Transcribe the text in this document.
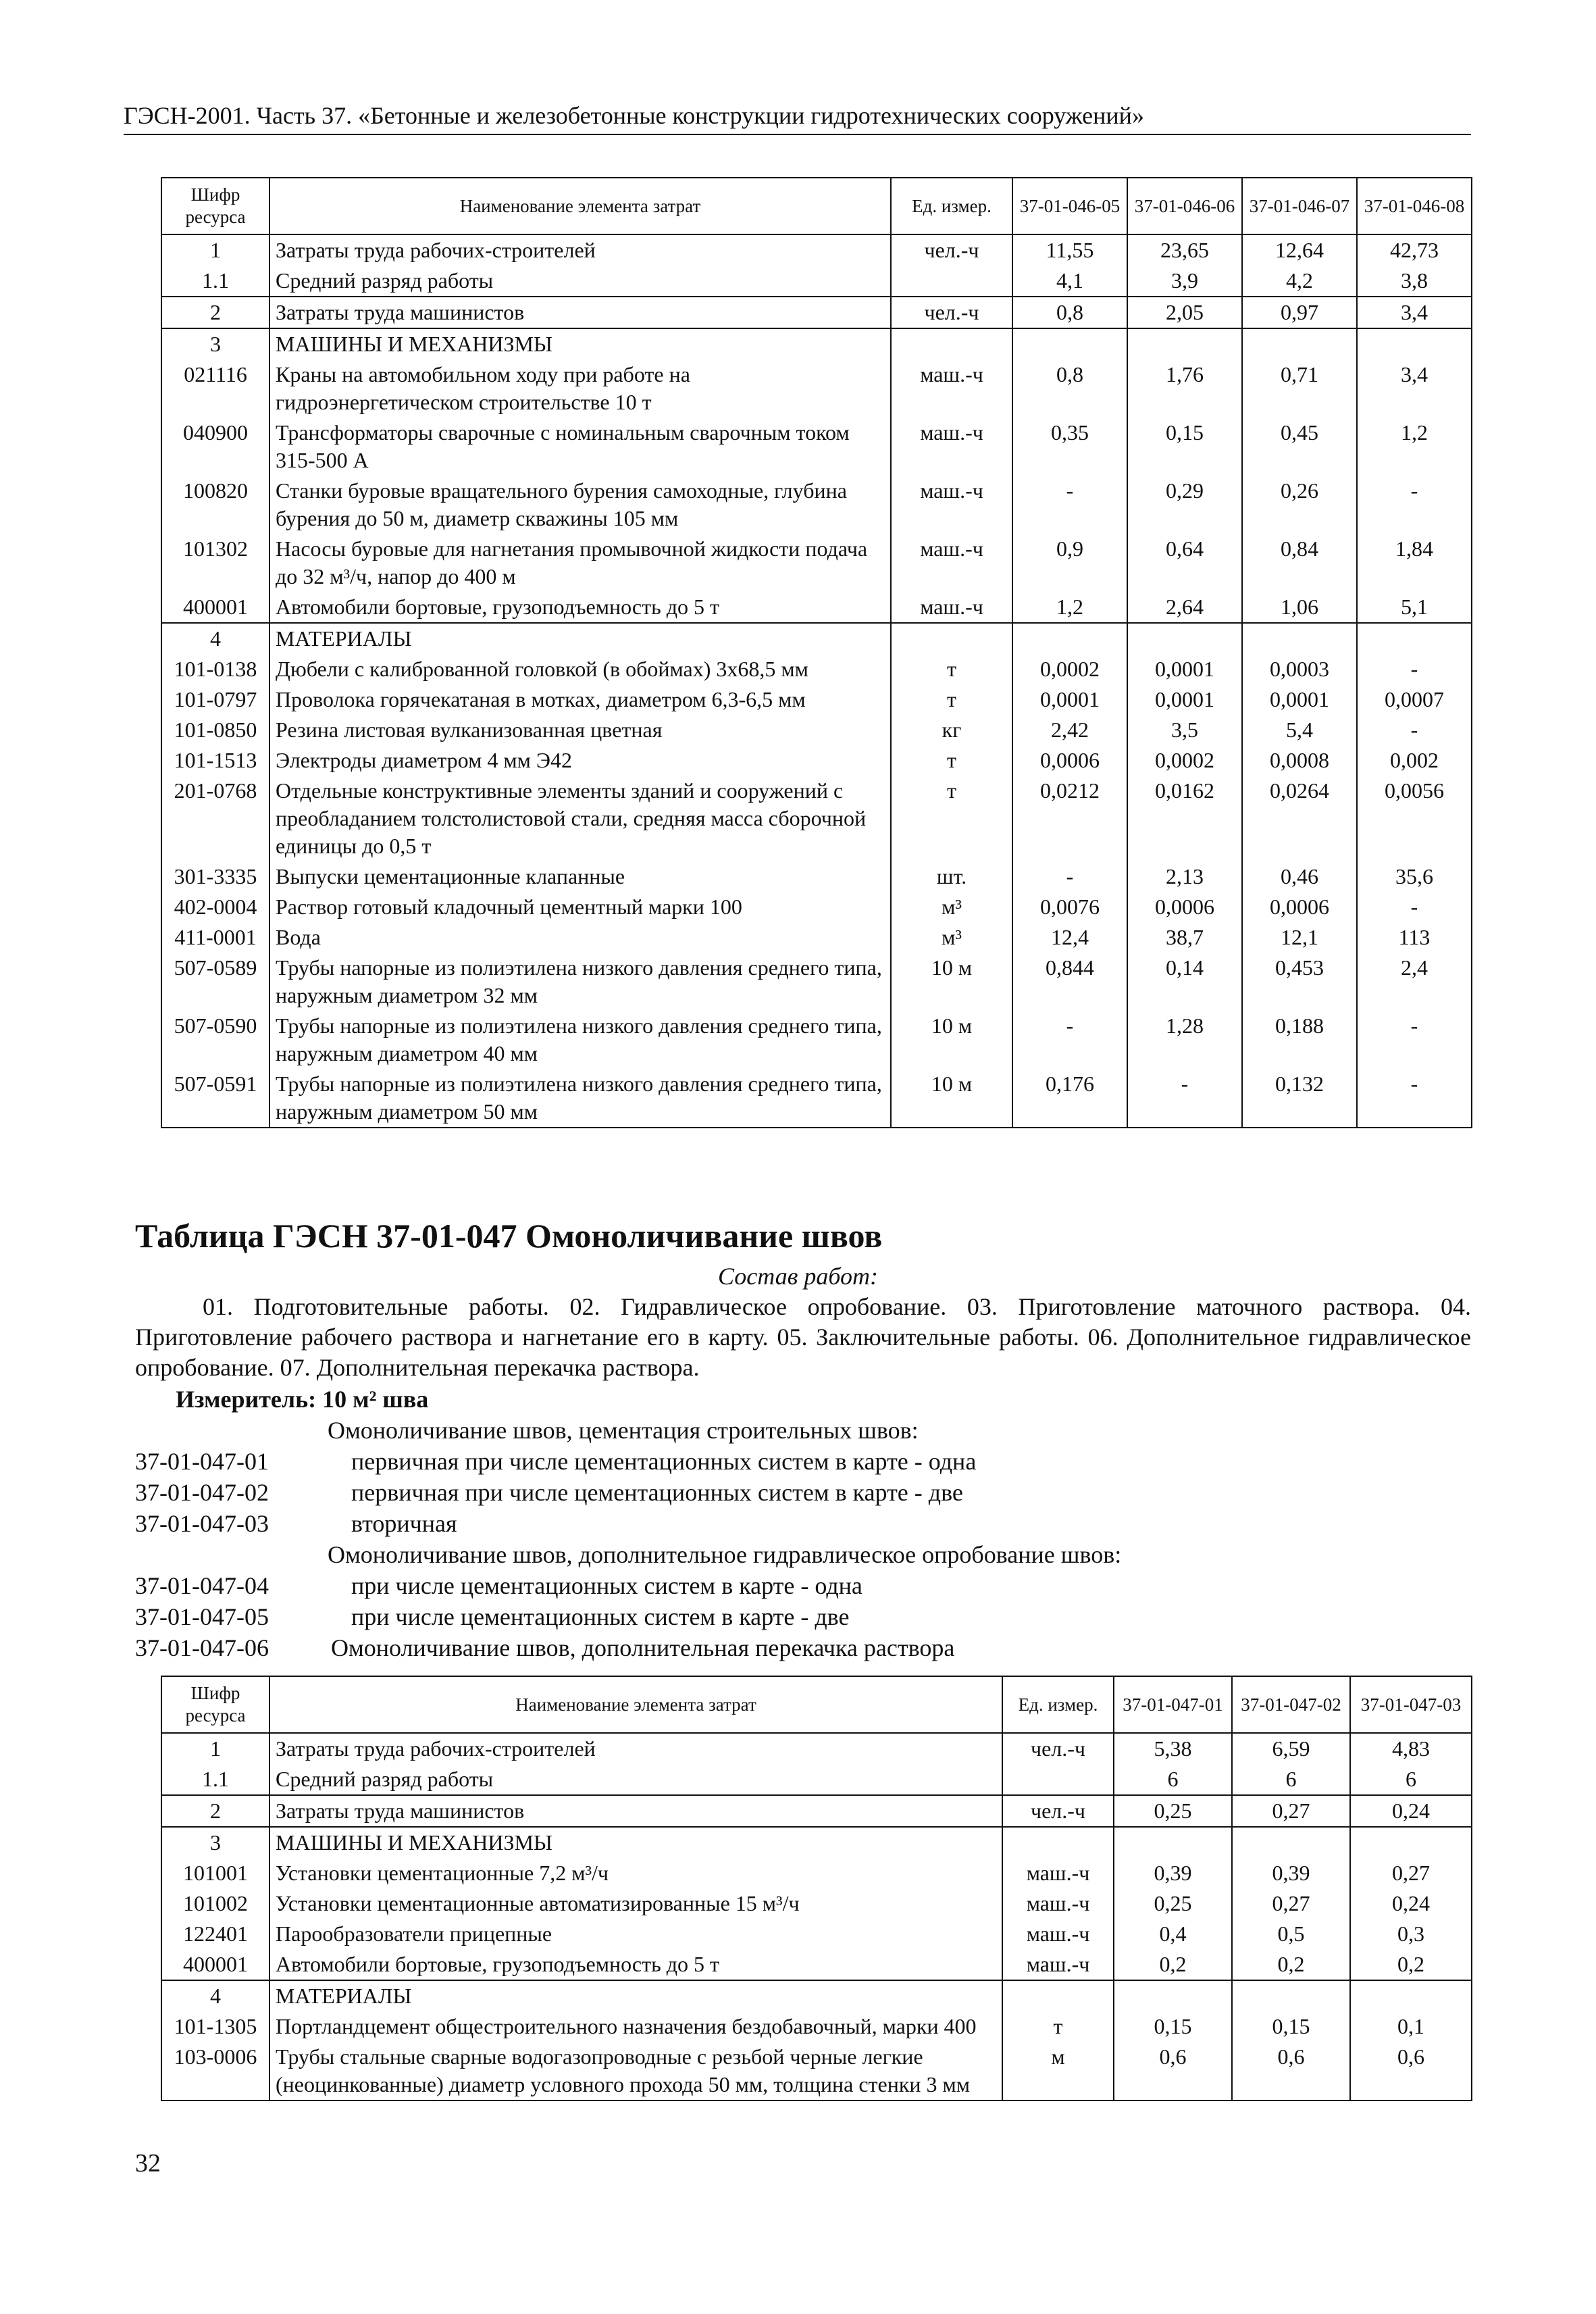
ГЭСН-2001. Часть 37. «Бетонные и железобетонные конструкции гидротехнических сооружений»
Шифр ресурса	Наименование элемента затрат	Ед. измер.	37-01-046-05	37-01-046-06	37-01-046-07	37-01-046-08
1	Затраты труда рабочих-строителей	чел.-ч	11,55	23,65	12,64	42,73
1.1	Средний разряд работы		4,1	3,9	4,2	3,8
2	Затраты труда машинистов	чел.-ч	0,8	2,05	0,97	3,4
3	МАШИНЫ И МЕХАНИЗМЫ					
021116	Краны на автомобильном ходу при работе на гидроэнергетическом строительстве 10 т	маш.-ч	0,8	1,76	0,71	3,4
040900	Трансформаторы сварочные с номинальным сварочным током 315-500 А	маш.-ч	0,35	0,15	0,45	1,2
100820	Станки буровые вращательного бурения самоходные, глубина бурения до 50 м, диаметр скважины 105 мм	маш.-ч	-	0,29	0,26	-
101302	Насосы буровые для нагнетания промывочной жидкости подача до 32 м³/ч, напор до 400 м	маш.-ч	0,9	0,64	0,84	1,84
400001	Автомобили бортовые, грузоподъемность до 5 т	маш.-ч	1,2	2,64	1,06	5,1
4	МАТЕРИАЛЫ					
101-0138	Дюбели с калиброванной головкой (в обоймах) 3х68,5 мм	т	0,0002	0,0001	0,0003	-
101-0797	Проволока горячекатаная в мотках, диаметром 6,3-6,5 мм	т	0,0001	0,0001	0,0001	0,0007
101-0850	Резина листовая вулканизованная цветная	кг	2,42	3,5	5,4	-
101-1513	Электроды диаметром 4 мм Э42	т	0,0006	0,0002	0,0008	0,002
201-0768	Отдельные конструктивные элементы зданий и сооружений с преобладанием толстолистовой стали, средняя масса сборочной единицы до 0,5 т	т	0,0212	0,0162	0,0264	0,0056
301-3335	Выпуски цементационные клапанные	шт.	-	2,13	0,46	35,6
402-0004	Раствор готовый кладочный цементный марки 100	м³	0,0076	0,0006	0,0006	-
411-0001	Вода	м³	12,4	38,7	12,1	113
507-0589	Трубы напорные из полиэтилена низкого давления среднего типа, наружным диаметром 32 мм	10 м	0,844	0,14	0,453	2,4
507-0590	Трубы напорные из полиэтилена низкого давления среднего типа, наружным диаметром 40 мм	10 м	-	1,28	0,188	-
507-0591	Трубы напорные из полиэтилена низкого давления среднего типа, наружным диаметром 50 мм	10 м	0,176	-	0,132	-
Таблица ГЭСН 37-01-047 Омоноличивание швов
Состав работ:
01. Подготовительные работы. 02. Гидравлическое опробование. 03. Приготовление маточного раствора. 04. Приготовление рабочего раствора и нагнетание его в карту. 05. Заключительные работы. 06. Дополнительное гидравлическое опробование. 07. Дополнительная перекачка раствора.
Измеритель: 10 м² шва
Омоноличивание швов, цементация строительных швов:
37-01-047-01	первичная при числе цементационных систем в карте - одна
37-01-047-02	первичная при числе цементационных систем в карте - две
37-01-047-03	вторичная
Омоноличивание швов, дополнительное гидравлическое опробование швов:
37-01-047-04	при числе цементационных систем в карте - одна
37-01-047-05	при числе цементационных систем в карте - две
37-01-047-06	Омоноличивание швов, дополнительная перекачка раствора
Шифр ресурса	Наименование элемента затрат	Ед. измер.	37-01-047-01	37-01-047-02	37-01-047-03
1	Затраты труда рабочих-строителей	чел.-ч	5,38	6,59	4,83
1.1	Средний разряд работы		6	6	6
2	Затраты труда машинистов	чел.-ч	0,25	0,27	0,24
3	МАШИНЫ И МЕХАНИЗМЫ				
101001	Установки цементационные 7,2 м³/ч	маш.-ч	0,39	0,39	0,27
101002	Установки цементационные автоматизированные 15 м³/ч	маш.-ч	0,25	0,27	0,24
122401	Парообразователи прицепные	маш.-ч	0,4	0,5	0,3
400001	Автомобили бортовые, грузоподъемность до 5 т	маш.-ч	0,2	0,2	0,2
4	МАТЕРИАЛЫ				
101-1305	Портландцемент общестроительного назначения бездобавочный, марки 400	т	0,15	0,15	0,1
103-0006	Трубы стальные сварные водогазопроводные с резьбой черные легкие (неоцинкованные) диаметр условного прохода 50 мм, толщина стенки 3 мм	м	0,6	0,6	0,6
32
